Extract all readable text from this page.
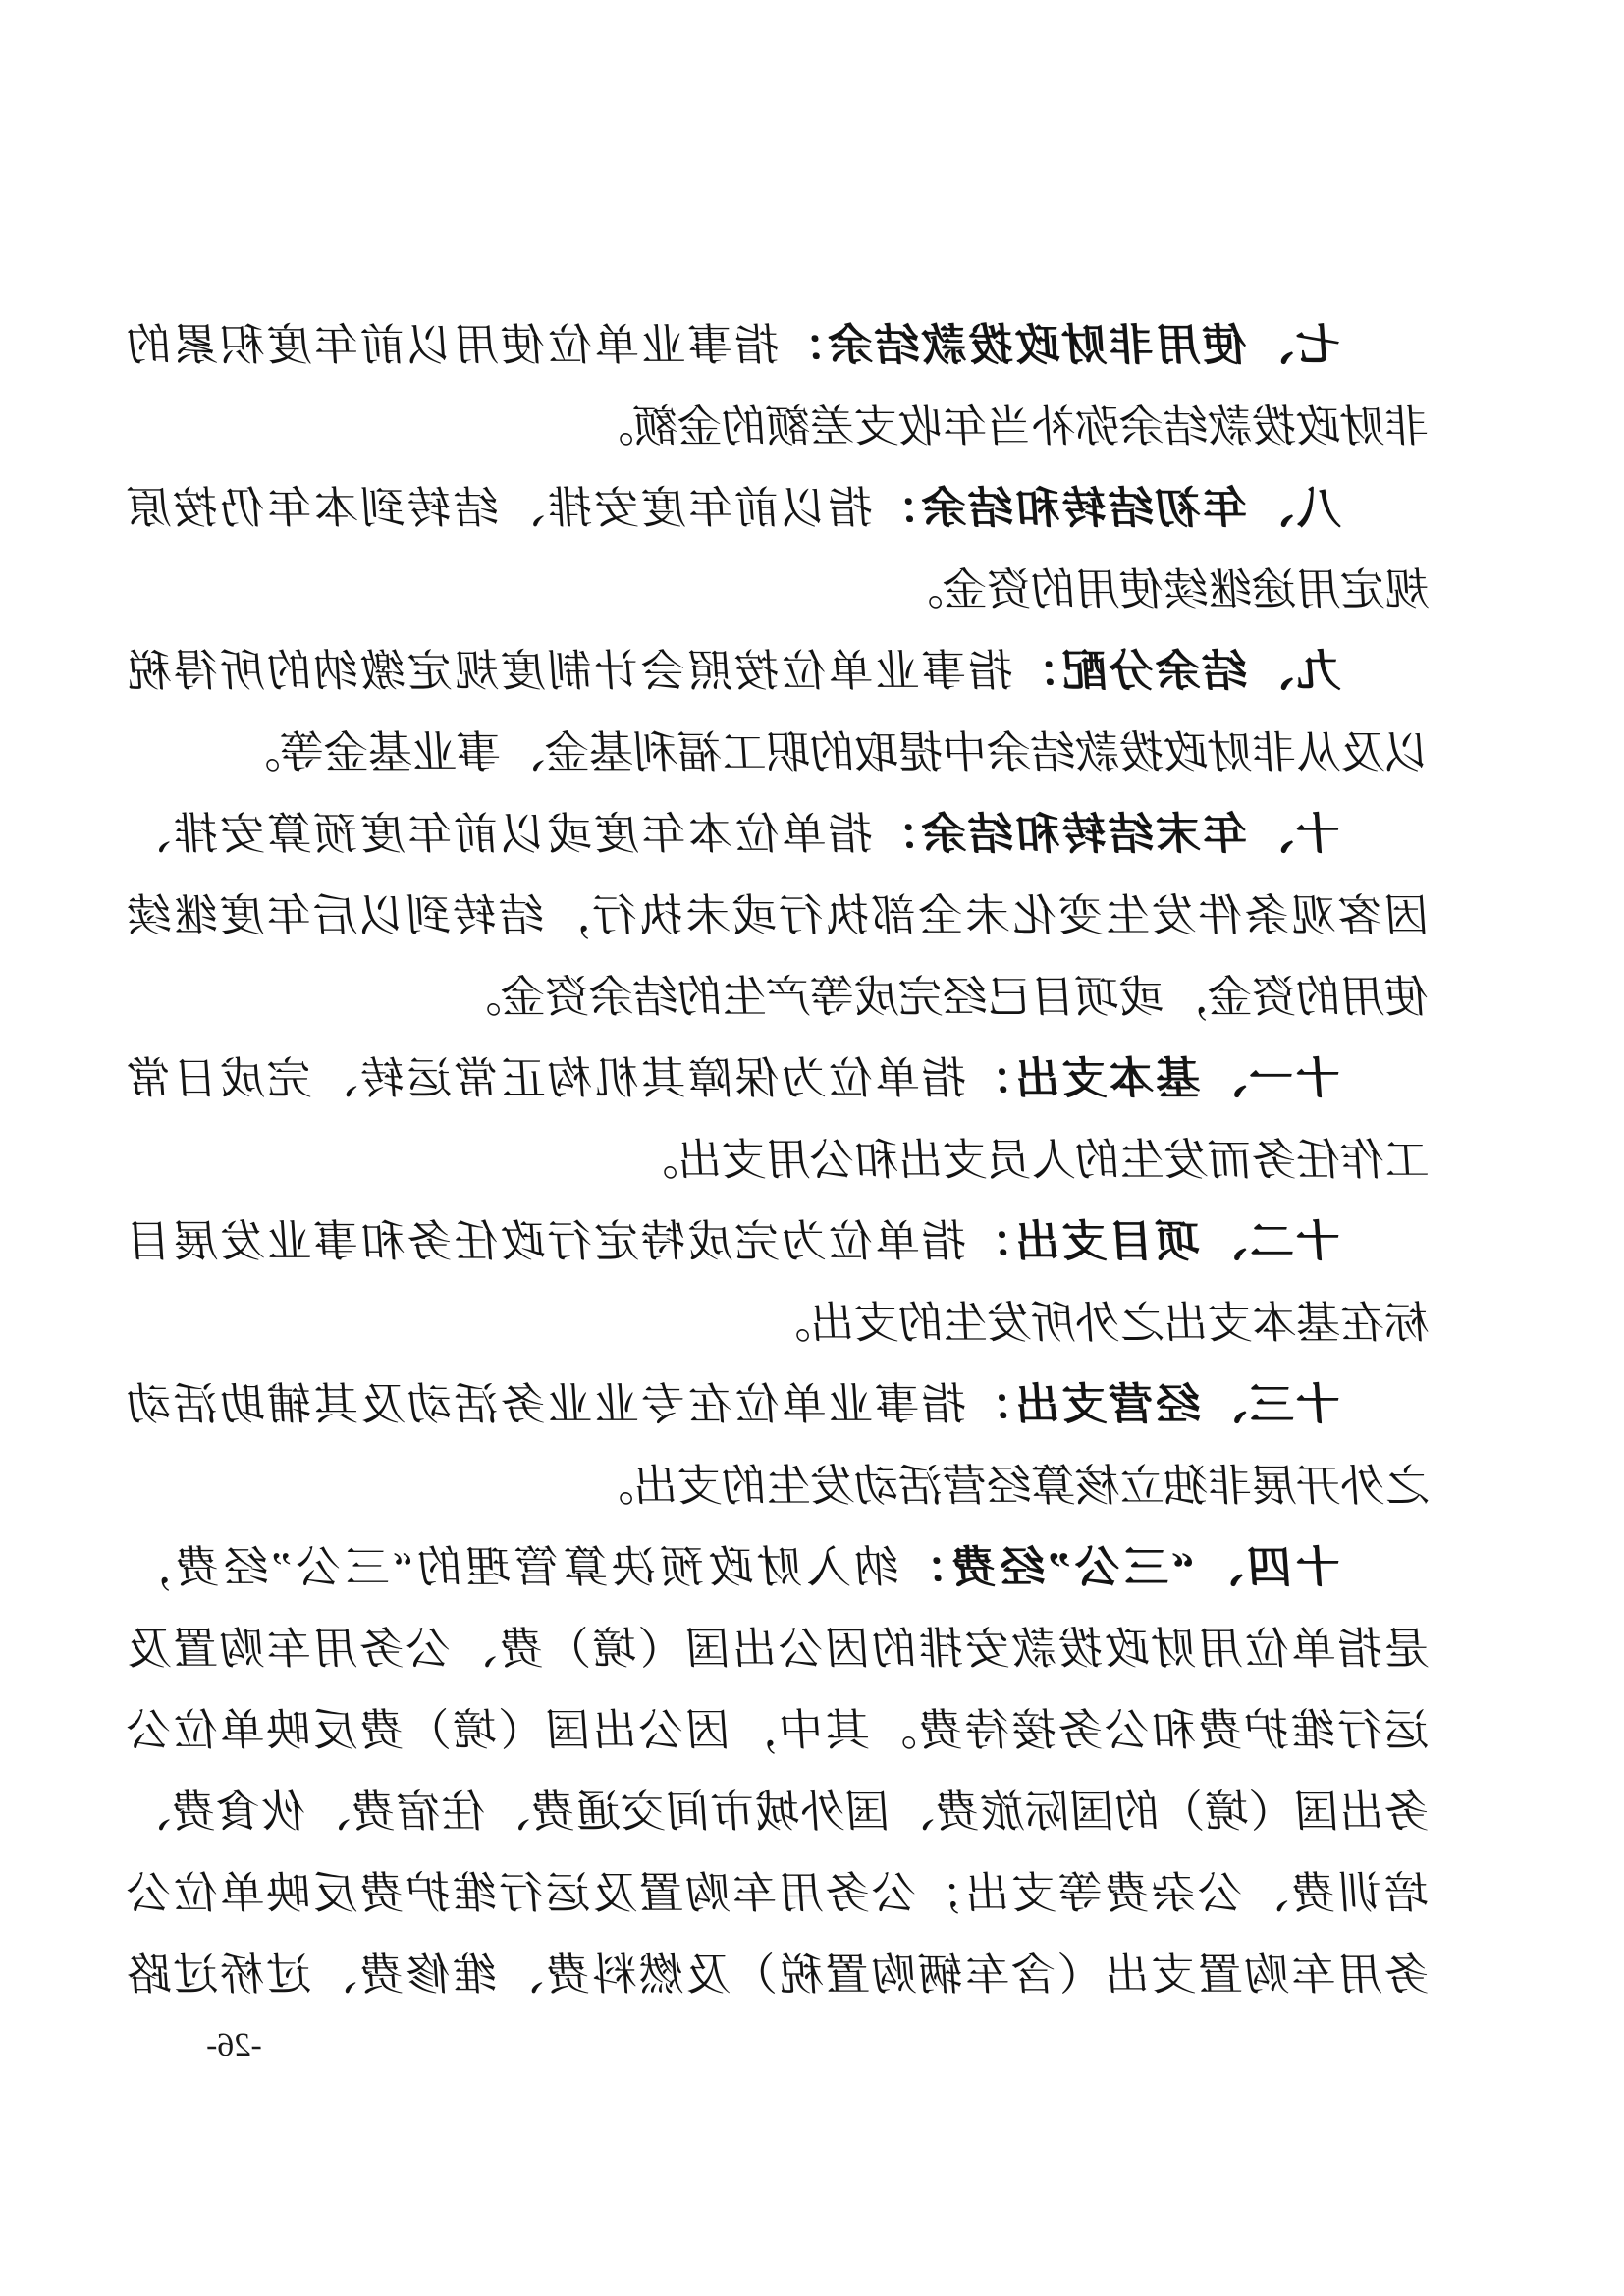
七、使用非财政拨款结余：指事业单位使用以前年度积累的
非财政拨款结余弥补当年收支差额的金额。
八、年初结转和结余：指以前年度安排、结转到本年仍按原
规定用途继续使用的资金。
九、结余分配：指事业单位按照会计制度规定缴纳的所得税
以及从非财政拨款结余中提取的职工福利基金、事业基金等。
十、年末结转和结余：指单位本年度或以前年度预算安排、
因客观条件发生变化未全部执行或未执行，结转到以后年度继续
使用的资金，或项目已经完成等产生的结余资金。
十一、基本支出：指单位为保障其机构正常运转、完成日常
工作任务而发生的人员支出和公用支出。
十二、项目支出：指单位为完成特定行政任务和事业发展目
标在基本支出之外所发生的支出。
十三、经营支出：指事业单位在专业业务活动及其辅助活动
之外开展非独立核算经营活动发生的支出。
十四、“三公”经费：纳入财政预决算管理的“三公”经费，
是指单位用财政拨款安排的因公出国（境）费、公务用车购置及
运行维护费和公务接待费。其中，因公出国（境）费反映单位公
务出国（境）的国际旅费、国外城市间交通费、住宿费、伙食费、
培训费、公杂费等支出；公务用车购置及运行维护费反映单位公
务用车购置支出（含车辆购置税）及燃料费、维修费、过桥过路
-26-
